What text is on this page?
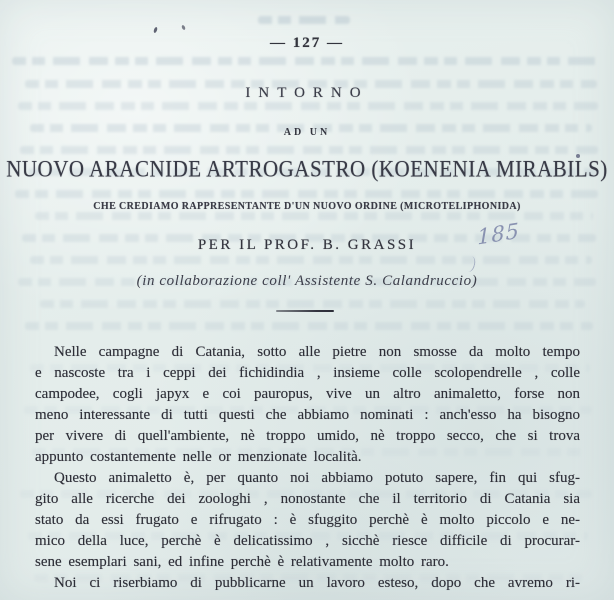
— 127 —
INTORNO
AD UN
NUOVO ARACNIDE ARTROGASTRO (KOENENIA MIRABILS)
CHE CREDIAMO RAPPRESENTANTE D'UN NUOVO ORDINE (MICROTELIPHONIDA)
PER IL PROF. B. GRASSI	185
(in collaborazione coll' Assistente S. Calandruccio)
Nelle campagne di Catania, sotto alle pietre non smosse da molto tempo
e nascoste tra i ceppi dei fichidindia , insieme colle scolopendrelle , colle
campodee, cogli japyx e coi pauropus, vive un altro animaletto, forse non
meno interessante di tutti questi che abbiamo nominati : anch'esso ha bisogno
per vivere di quell'ambiente, nè troppo umido, nè troppo secco, che si trova
appunto costantemente nelle or menzionate località.
Questo animaletto è, per quanto noi abbiamo potuto sapere, fin qui sfug-
gito alle ricerche dei zoologhi , nonostante che il territorio di Catania sia
stato da essi frugato e rifrugato : è sfuggito perchè è molto piccolo e ne-
mico della luce, perchè è delicatissimo , sicchè riesce difficile di procurar-
sene esemplari sani, ed infine perchè è relativamente molto raro.
Noi ci riserbiamo di pubblicarne un lavoro esteso, dopo che avremo ri-
